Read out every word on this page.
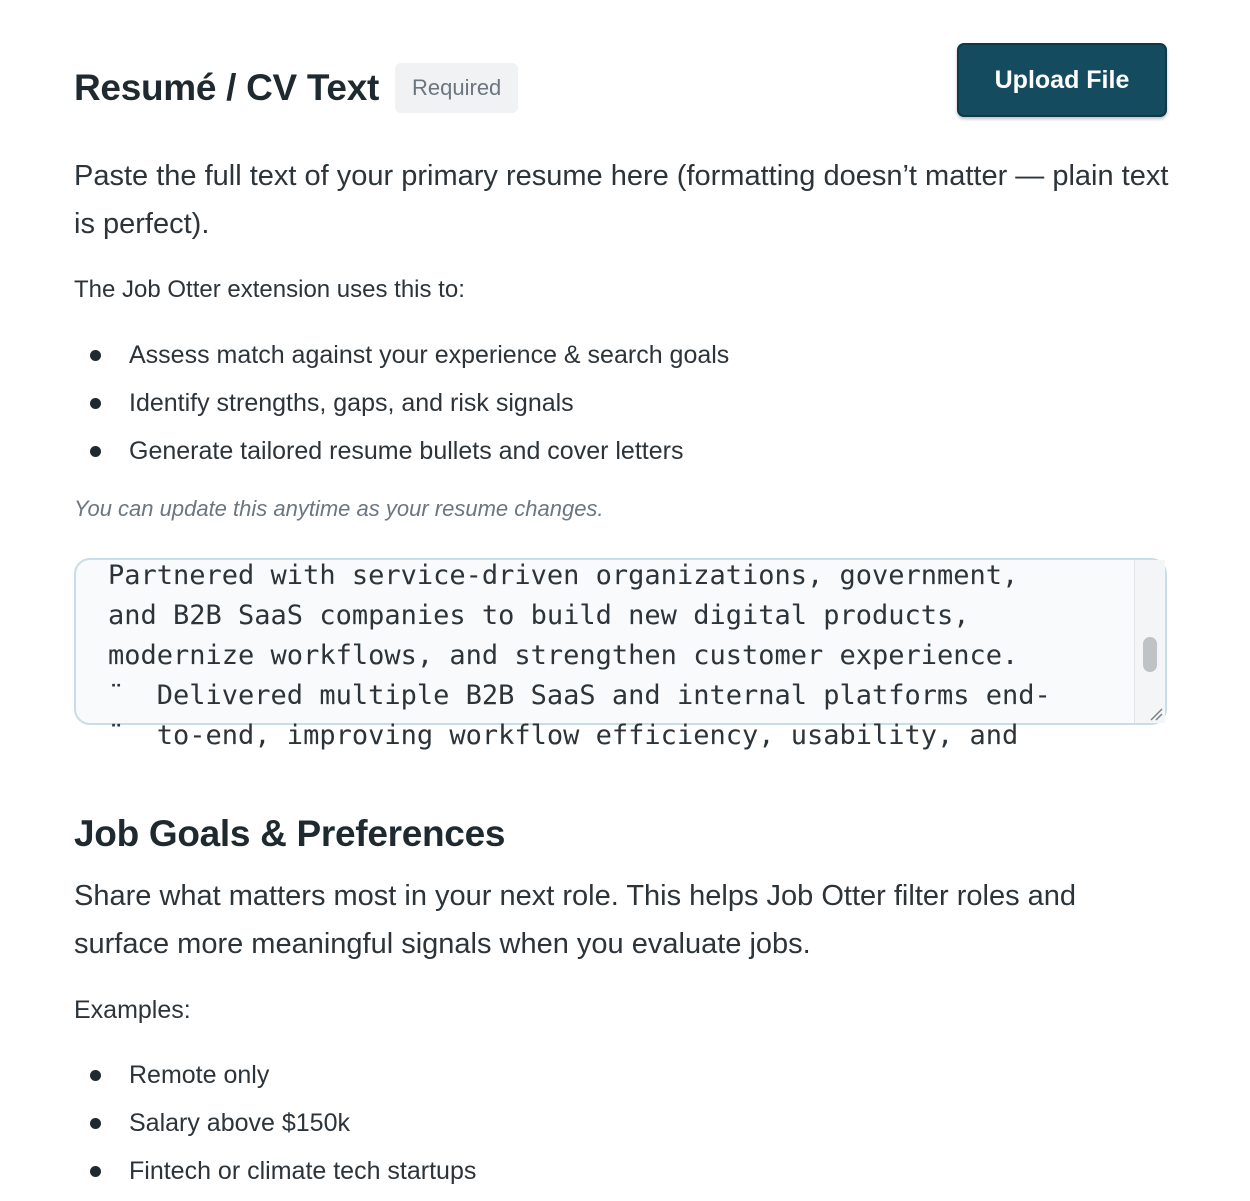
Resumé / CV Text	Required	Upload File

Paste the full text of your primary resume here (formatting doesn’t matter — plain text is perfect).

The Job Otter extension uses this to:

Assess match against your experience & search goals
Identify strengths, gaps, and risk signals
Generate tailored resume bullets and cover letters

You can update this anytime as your resume changes.

Partnered with service-driven organizations, government,
and B2B SaaS companies to build new digital products,
modernize workflows, and strengthen customer experience.
¨  Delivered multiple B2B SaaS and internal platforms end-
¨  to-end, improving workflow efficiency, usability, and
Job Goals & Preferences

Share what matters most in your next role. This helps Job Otter filter roles and surface more meaningful signals when you evaluate jobs.

Examples:

Remote only
Salary above $150k
Fintech or climate tech startups
